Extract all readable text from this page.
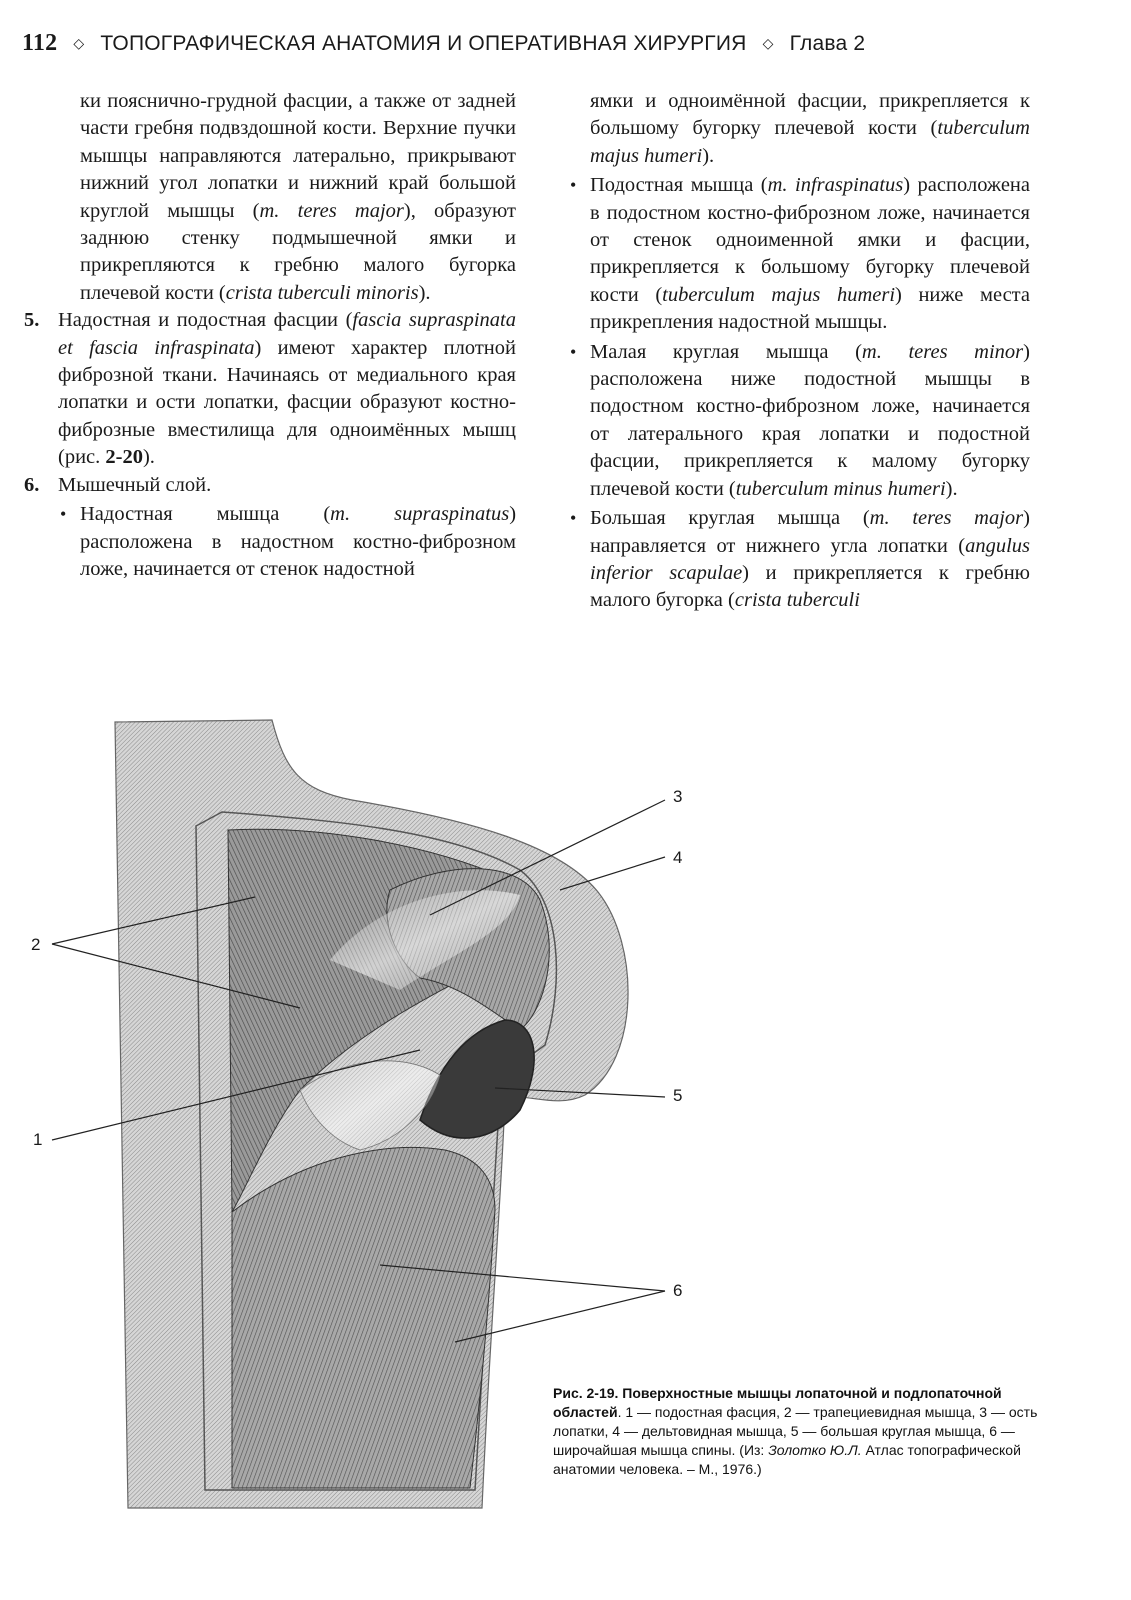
112 ◇ ТОПОГРАФИЧЕСКАЯ АНАТОМИЯ И ОПЕРАТИВНАЯ ХИРУРГИЯ ◇ Глава 2

ки пояснично-грудной фасции, а также от задней части гребня подвздошной кости. Верхние пучки мышцы направляются латерально, прикрывают нижний угол лопатки и нижний край большой круглой мышцы (m. teres major), образуют заднюю стенку подмышечной ямки и прикрепляются к гребню малого бугорка плечевой кости (crista tuberculi minoris).

5. Надостная и подостная фасции (fascia supraspinata et fascia infraspinata) имеют характер плотной фиброзной ткани. Начинаясь от медиального края лопатки и ости лопатки, фасции образуют костно-фиброзные вместилища для одноимённых мышц (рис. 2-20).

6. Мышечный слой.

• Надостная мышца (m. supraspinatus) расположена в надостном костно-фиброзном ложе, начинается от стенок надостной

ямки и одноимённой фасции, прикрепляется к большому бугорку плечевой кости (tuberculum majus humeri).

• Подостная мышца (m. infraspinatus) расположена в подостном костно-фиброзном ложе, начинается от стенок одноименной ямки и фасции, прикрепляется к большому бугорку плечевой кости (tuberculum majus humeri) ниже места прикрепления надостной мышцы.

• Малая круглая мышца (m. teres minor) расположена ниже подостной мышцы в подостном костно-фиброзном ложе, начинается от латерального края лопатки и подостной фасции, прикрепляется к малому бугорку плечевой кости (tuberculum minus humeri).

• Большая круглая мышца (m. teres major) направляется от нижнего угла лопатки (angulus inferior scapulae) и прикрепляется к гребню малого бугорка (crista tuberculi

3
4
2
5
1
6
Рис. 2-19. Поверхностные мышцы лопаточной и подлопаточной областей. 1 — подостная фасция, 2 — трапециевидная мышца, 3 — ость лопатки, 4 — дельтовидная мышца, 5 — большая круглая мышца, 6 — широчайшая мышца спины. (Из: Золотко Ю.Л. Атлас топографической анатомии человека. – М., 1976.)
